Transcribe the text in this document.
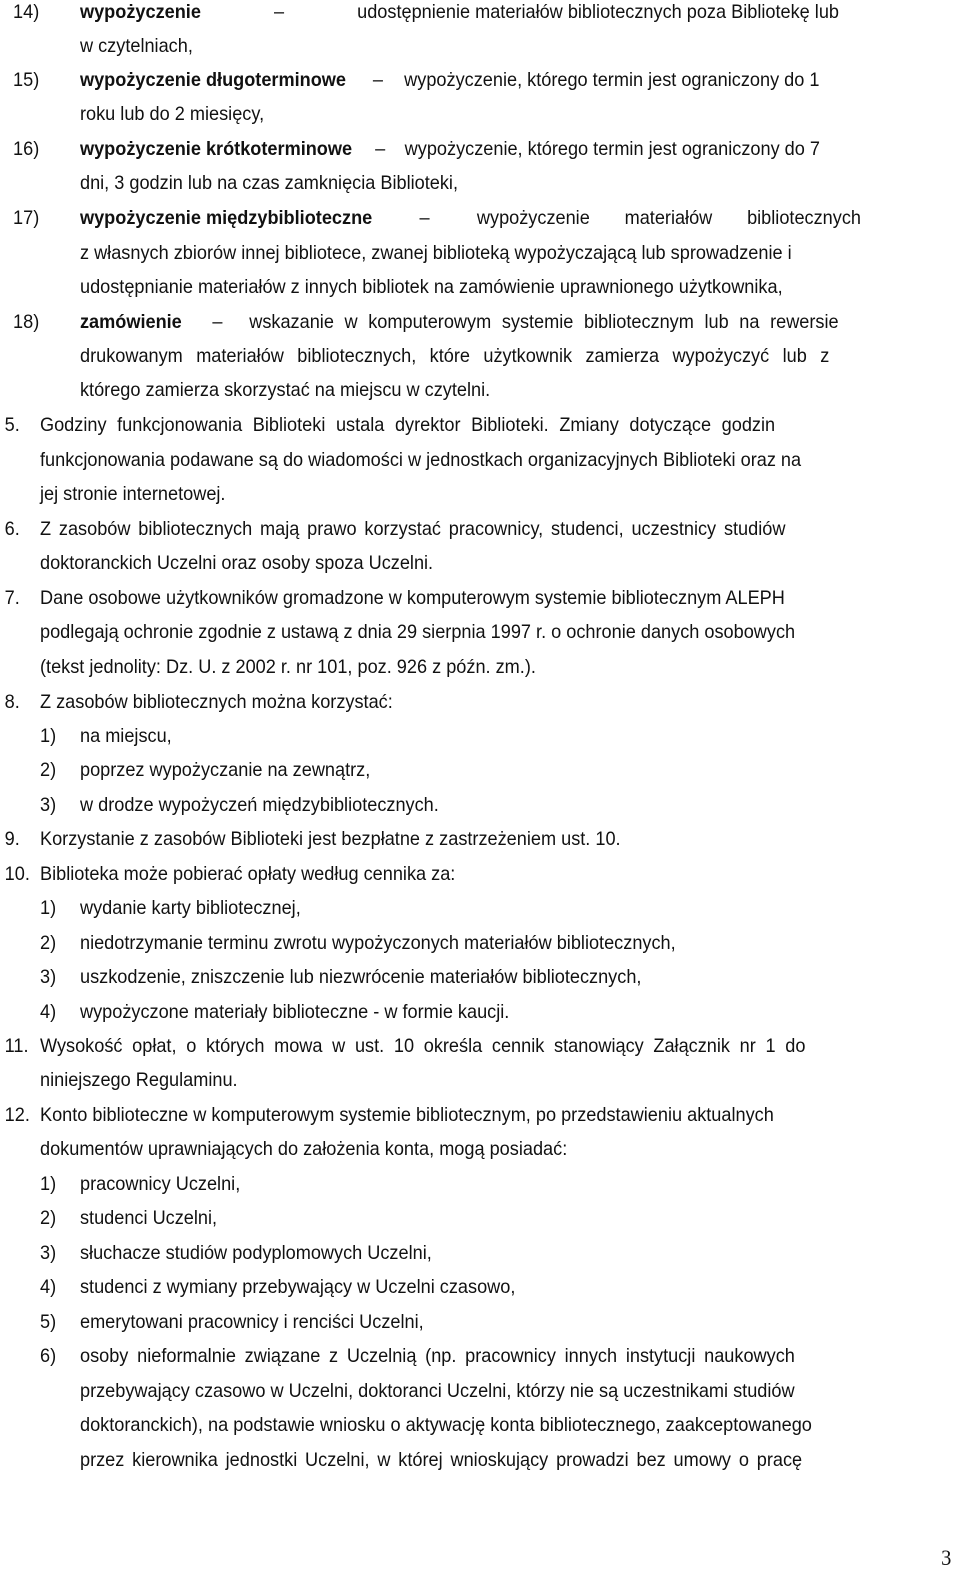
14) wypożyczenie	–	udostępnienie materiałów bibliotecznych poza Bibliotekę lub
w czytelniach,
15) wypożyczenie długoterminowe – wypożyczenie, którego termin jest ograniczony do 1
roku lub do 2 miesięcy,
16) wypożyczenie krótkoterminowe – wypożyczenie, którego termin jest ograniczony do 7
dni, 3 godzin lub na czas zamknięcia Biblioteki,
17) wypożyczenie międzybiblioteczne – wypożyczenie materiałów bibliotecznych
z własnych zbiorów innej bibliotece, zwanej biblioteką wypożyczającą lub sprowadzenie i
udostępnianie materiałów z innych bibliotek na zamówienie uprawnionego użytkownika,
18) zamówienie – wskazanie w komputerowym systemie bibliotecznym lub na rewersie
drukowanym materiałów bibliotecznych, które użytkownik zamierza wypożyczyć lub z
którego zamierza skorzystać na miejscu w czytelni.
5. Godziny funkcjonowania Biblioteki ustala dyrektor Biblioteki. Zmiany dotyczące godzin
funkcjonowania podawane są do wiadomości w jednostkach organizacyjnych Biblioteki oraz na
jej stronie internetowej.
6. Z zasobów bibliotecznych mają prawo korzystać pracownicy, studenci, uczestnicy studiów
doktoranckich Uczelni oraz osoby spoza Uczelni.
7. Dane osobowe użytkowników gromadzone w komputerowym systemie bibliotecznym ALEPH
podlegają ochronie zgodnie z ustawą z dnia 29 sierpnia 1997 r. o ochronie danych osobowych
(tekst jednolity: Dz. U. z 2002 r. nr 101, poz. 926 z późn. zm.).
8. Z zasobów bibliotecznych można korzystać:
1) na miejscu,
2) poprzez wypożyczanie na zewnątrz,
3) w drodze wypożyczeń międzybibliotecznych.
9. Korzystanie z zasobów Biblioteki jest bezpłatne z zastrzeżeniem ust. 10.
10. Biblioteka może pobierać opłaty według cennika za:
1) wydanie karty bibliotecznej,
2) niedotrzymanie terminu zwrotu wypożyczonych materiałów bibliotecznych,
3) uszkodzenie, zniszczenie lub niezwrócenie materiałów bibliotecznych,
4) wypożyczone materiały biblioteczne - w formie kaucji.
11. Wysokość opłat, o których mowa w ust. 10 określa cennik stanowiący Załącznik nr 1 do
niniejszego Regulaminu.
12. Konto biblioteczne w komputerowym systemie bibliotecznym, po przedstawieniu aktualnych
dokumentów uprawniających do założenia konta, mogą posiadać:
1) pracownicy Uczelni,
2) studenci Uczelni,
3) słuchacze studiów podyplomowych Uczelni,
4) studenci z wymiany przebywający w Uczelni czasowo,
5) emerytowani pracownicy i renciści Uczelni,
6) osoby nieformalnie związane z Uczelnią (np. pracownicy innych instytucji naukowych
przebywający czasowo w Uczelni, doktoranci Uczelni, którzy nie są uczestnikami studiów
doktoranckich), na podstawie wniosku o aktywację konta bibliotecznego, zaakceptowanego
przez kierownika jednostki Uczelni, w której wnioskujący prowadzi bez umowy o pracę
3
